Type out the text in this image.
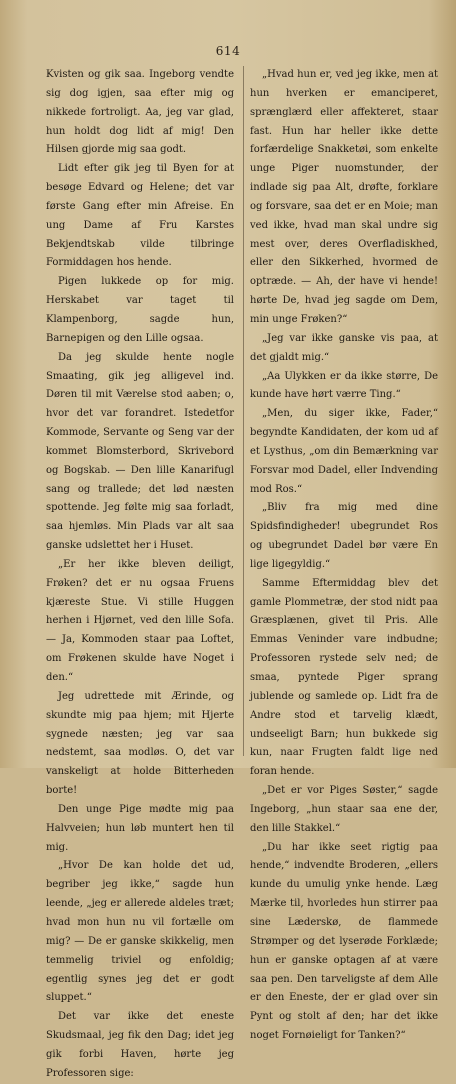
614

Kvisten og gik saa. Ingeborg vendte sig dog igjen, saa efter mig og nikkede fortroligt. Aa, jeg var glad, hun holdt dog lidt af mig! Den Hilsen gjorde mig saa godt.

Lidt efter gik jeg til Byen for at besøge Edvard og Helene; det var første Gang efter min Afreise. En ung Dame af Fru Karstes Bekjendtskab vilde tilbringe Formiddagen hos hende.

Pigen lukkede op for mig. Herskabet var taget til Klampenborg, sagde hun, Barnepigen og den Lille ogsaa.

Da jeg skulde hente nogle Smaating, gik jeg alligevel ind. Døren til mit Værelse stod aaben; o, hvor det var forandret. Istedetfor Kommode, Servante og Seng var der kommet Blomsterbord, Skrivebord og Bogskab. — Den lille Kanarifugl sang og trallede; det lød næsten spottende. Jeg følte mig saa forladt, saa hjemløs. Min Plads var alt saa ganske udslettet her i Huset.

„Er her ikke bleven deiligt, Frøken? det er nu ogsaa Fruens kjæreste Stue. Vi stille Huggen herhen i Hjørnet, ved den lille Sofa. — Ja, Kommoden staar paa Loftet, om Frøkenen skulde have Noget i den.“

Jeg udrettede mit Ærinde, og skundte mig paa hjem; mit Hjerte sygnede næsten; jeg var saa nedstemt, saa modløs. O, det var vanskeligt at holde Bitterheden borte!

Den unge Pige mødte mig paa Halvveien; hun løb muntert hen til mig.

„Hvor De kan holde det ud, begriber jeg ikke,“ sagde hun leende, „jeg er allerede aldeles træt; hvad mon hun nu vil fortælle om mig? — De er ganske skikkelig, men temmelig triviel og enfoldig; egentlig synes jeg det er godt sluppet.“

Det var ikke det eneste Skudsmaal, jeg fik den Dag; idet jeg gik forbi Haven, hørte jeg Professoren sige:

„Hvad hun er, ved jeg ikke, men at hun hverken er emanciperet, sprænglærd eller affekteret, staar fast. Hun har heller ikke dette forfærdelige Snakketøi, som enkelte unge Piger nuomstunder, der indlade sig paa Alt, drøfte, forklare og forsvare, saa det er en Moie; man ved ikke, hvad man skal undre sig mest over, deres Overfladiskhed, eller den Sikkerhed, hvormed de optræde. — Ah, der have vi hende! hørte De, hvad jeg sagde om Dem, min unge Frøken?“

„Jeg var ikke ganske vis paa, at det gjaldt mig.“

„Aa Ulykken er da ikke større, De kunde have hørt værre Ting.“

„Men, du siger ikke, Fader,“ begyndte Kandidaten, der kom ud af et Lysthus, „om din Bemærkning var Forsvar mod Dadel, eller Indvending mod Ros.“

„Bliv fra mig med dine Spidsfindigheder! ubegrundet Ros og ubegrundet Dadel bør være En lige ligegyldig.“

Samme Eftermiddag blev det gamle Plommetræ, der stod nidt paa Græsplænen, givet til Pris. Alle Emmas Veninder vare indbudne; Professoren rystede selv ned; de smaa, pyntede Piger sprang jublende og samlede op. Lidt fra de Andre stod et tarvelig klædt, undseeligt Barn; hun bukkede sig kun, naar Frugten faldt lige ned foran hende.

„Det er vor Piges Søster,“ sagde Ingeborg, „hun staar saa ene der, den lille Stakkel.“

„Du har ikke seet rigtig paa hende,“ indvendte Broderen, „ellers kunde du umulig ynke hende. Læg Mærke til, hvorledes hun stirrer paa sine Læderskø, de flammede Strømper og det lyserøde Forklæde; hun er ganske optagen af at være saa pen. Den tarveligste af dem Alle er den Eneste, der er glad over sin Pynt og stolt af den; har det ikke noget Fornøieligt for Tanken?“
